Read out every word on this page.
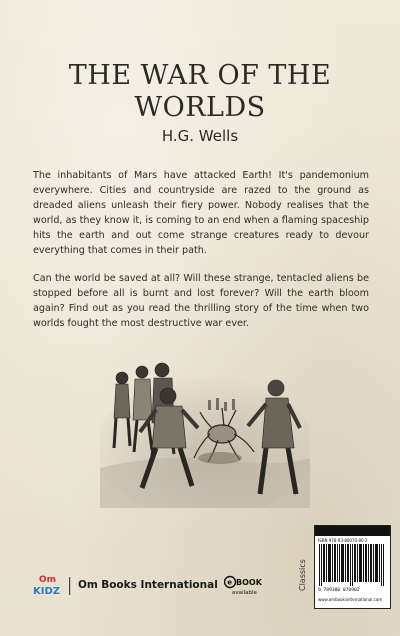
THE WAR OF THE
WORLDS
H.G. Wells

The inhabitants of Mars have attacked Earth! It's pandemonium everywhere. Cities and countryside are razed to the ground as dreaded aliens unleash their fiery power. Nobody realises that the world, as they know it, is coming to an end when a flaming spaceship hits the earth and out come strange creatures ready to devour everything that comes in their path.

Can the world be saved at all? Will these strange, tentacled aliens be stopped before all is burnt and lost forever? Will the earth bloom again? Find out as you read the thrilling story of the time when two worlds fought the most destructive war ever.

Classics
ISBN 978-93-80070-90-2
9 789380 070902
www.ombooksinternational.com
Om
KIDZ
Om Books International e BOOK
available
